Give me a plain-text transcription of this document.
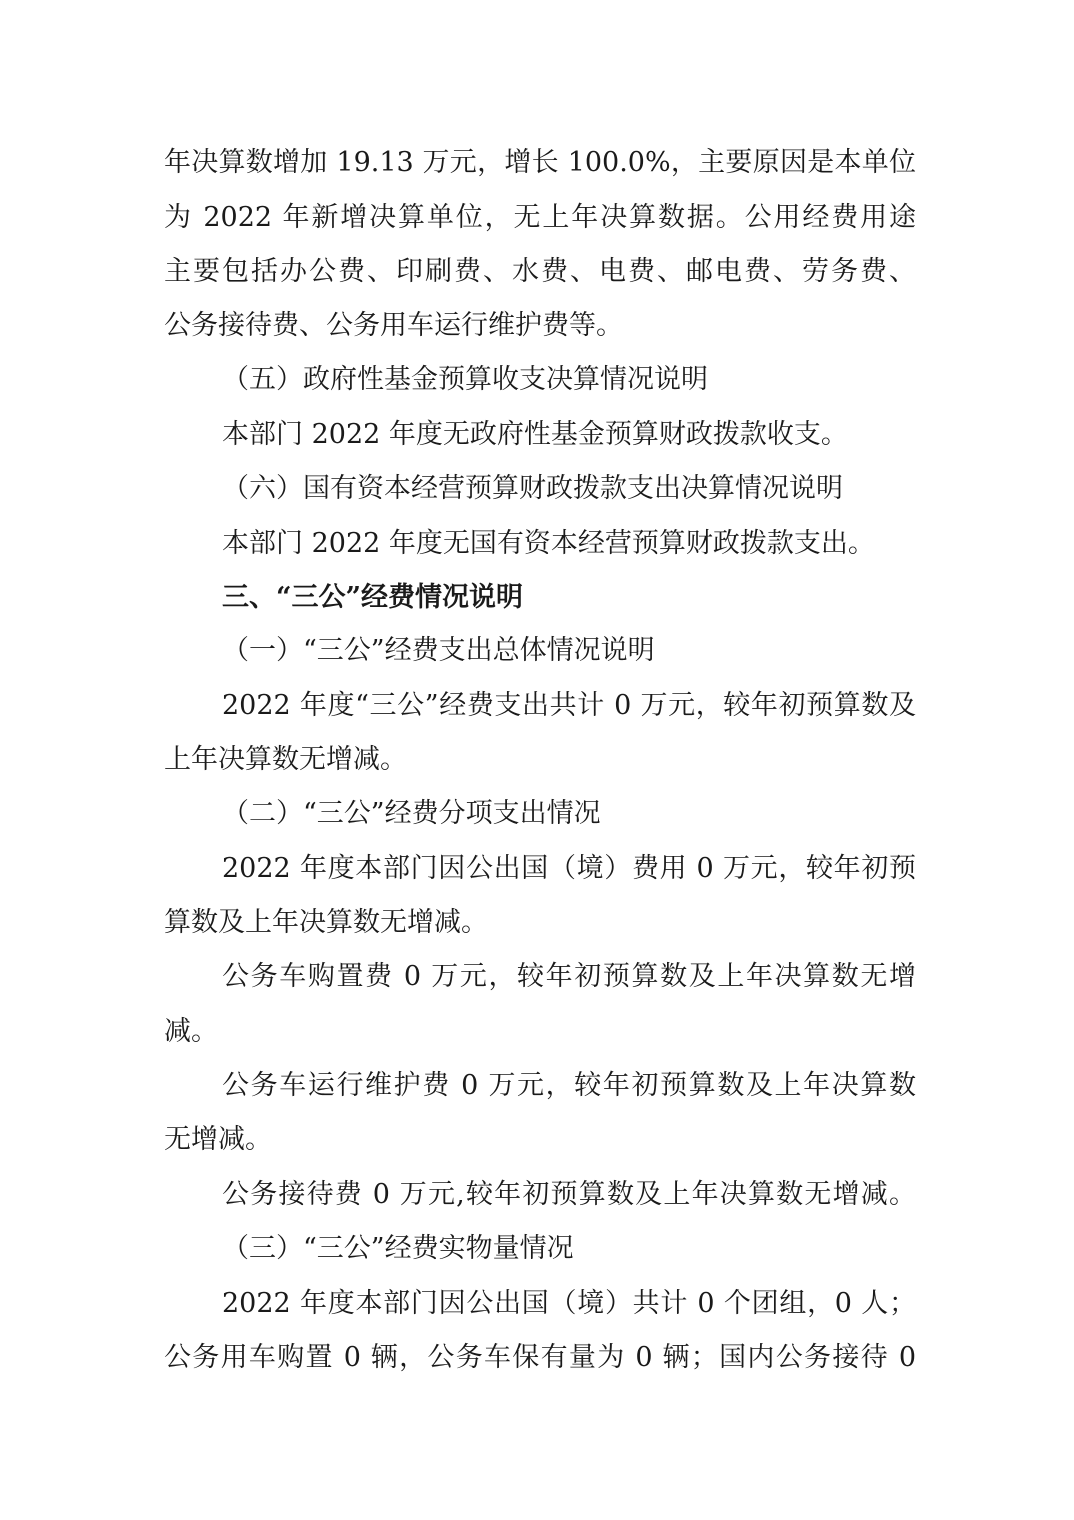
年决算数增加 19.13 万元，增长 100.0%，主要原因是本单位
为 2022 年新增决算单位，无上年决算数据。公用经费用途
主要包括办公费、印刷费、水费、电费、邮电费、劳务费、
公务接待费、公务用车运行维护费等。
（五）政府性基金预算收支决算情况说明
本部门 2022 年度无政府性基金预算财政拨款收支。
（六）国有资本经营预算财政拨款支出决算情况说明
本部门 2022 年度无国有资本经营预算财政拨款支出。
三、“三公”经费情况说明
（一）“三公”经费支出总体情况说明
2022 年度“三公”经费支出共计 0 万元，较年初预算数及
上年决算数无增减。
（二）“三公”经费分项支出情况
2022 年度本部门因公出国（境）费用 0 万元，较年初预
算数及上年决算数无增减。
公务车购置费 0 万元，较年初预算数及上年决算数无增
减。
公务车运行维护费 0 万元，较年初预算数及上年决算数
无增减。
公务接待费 0 万元,较年初预算数及上年决算数无增减。
（三）“三公”经费实物量情况
2022 年度本部门因公出国（境）共计 0 个团组，0 人；
公务用车购置 0 辆，公务车保有量为 0 辆；国内公务接待 0
